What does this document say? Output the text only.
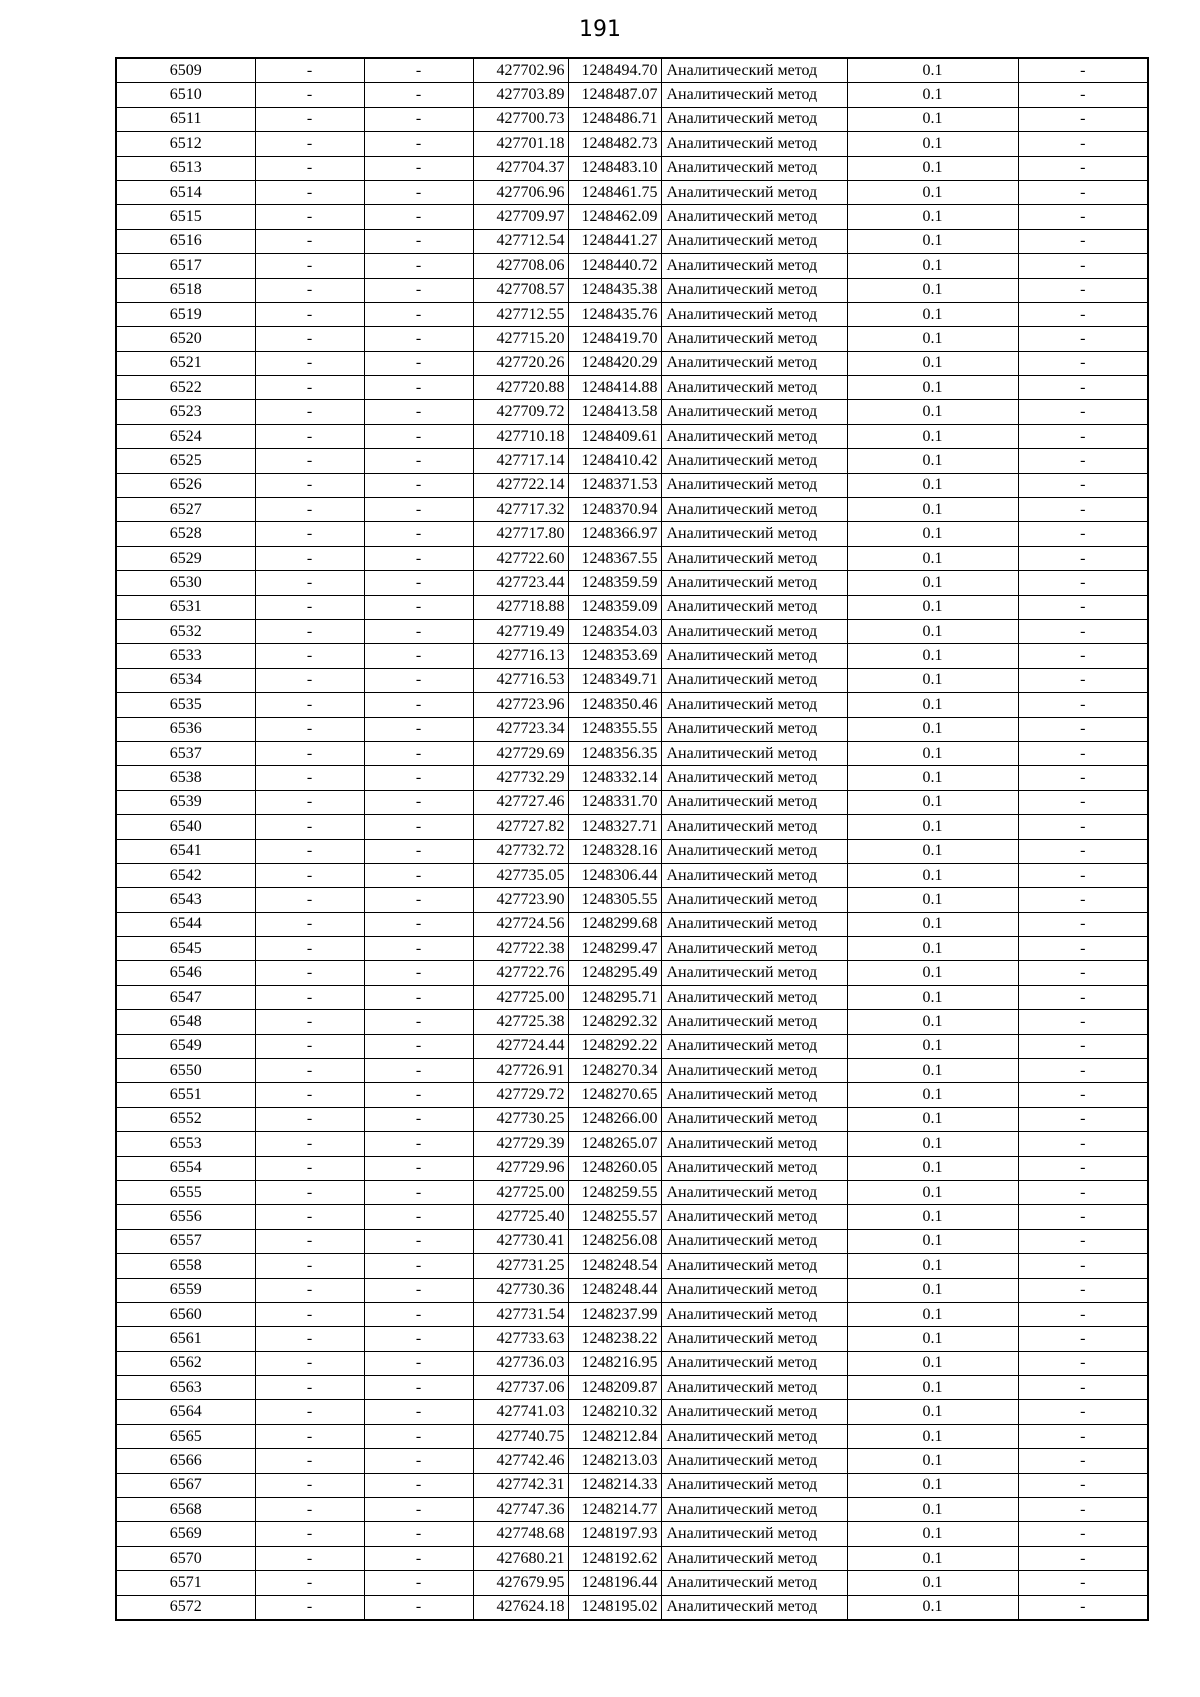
191
6509	-	-	427702.96	1248494.70	Аналитический метод	0.1	-
6510	-	-	427703.89	1248487.07	Аналитический метод	0.1	-
6511	-	-	427700.73	1248486.71	Аналитический метод	0.1	-
6512	-	-	427701.18	1248482.73	Аналитический метод	0.1	-
6513	-	-	427704.37	1248483.10	Аналитический метод	0.1	-
6514	-	-	427706.96	1248461.75	Аналитический метод	0.1	-
6515	-	-	427709.97	1248462.09	Аналитический метод	0.1	-
6516	-	-	427712.54	1248441.27	Аналитический метод	0.1	-
6517	-	-	427708.06	1248440.72	Аналитический метод	0.1	-
6518	-	-	427708.57	1248435.38	Аналитический метод	0.1	-
6519	-	-	427712.55	1248435.76	Аналитический метод	0.1	-
6520	-	-	427715.20	1248419.70	Аналитический метод	0.1	-
6521	-	-	427720.26	1248420.29	Аналитический метод	0.1	-
6522	-	-	427720.88	1248414.88	Аналитический метод	0.1	-
6523	-	-	427709.72	1248413.58	Аналитический метод	0.1	-
6524	-	-	427710.18	1248409.61	Аналитический метод	0.1	-
6525	-	-	427717.14	1248410.42	Аналитический метод	0.1	-
6526	-	-	427722.14	1248371.53	Аналитический метод	0.1	-
6527	-	-	427717.32	1248370.94	Аналитический метод	0.1	-
6528	-	-	427717.80	1248366.97	Аналитический метод	0.1	-
6529	-	-	427722.60	1248367.55	Аналитический метод	0.1	-
6530	-	-	427723.44	1248359.59	Аналитический метод	0.1	-
6531	-	-	427718.88	1248359.09	Аналитический метод	0.1	-
6532	-	-	427719.49	1248354.03	Аналитический метод	0.1	-
6533	-	-	427716.13	1248353.69	Аналитический метод	0.1	-
6534	-	-	427716.53	1248349.71	Аналитический метод	0.1	-
6535	-	-	427723.96	1248350.46	Аналитический метод	0.1	-
6536	-	-	427723.34	1248355.55	Аналитический метод	0.1	-
6537	-	-	427729.69	1248356.35	Аналитический метод	0.1	-
6538	-	-	427732.29	1248332.14	Аналитический метод	0.1	-
6539	-	-	427727.46	1248331.70	Аналитический метод	0.1	-
6540	-	-	427727.82	1248327.71	Аналитический метод	0.1	-
6541	-	-	427732.72	1248328.16	Аналитический метод	0.1	-
6542	-	-	427735.05	1248306.44	Аналитический метод	0.1	-
6543	-	-	427723.90	1248305.55	Аналитический метод	0.1	-
6544	-	-	427724.56	1248299.68	Аналитический метод	0.1	-
6545	-	-	427722.38	1248299.47	Аналитический метод	0.1	-
6546	-	-	427722.76	1248295.49	Аналитический метод	0.1	-
6547	-	-	427725.00	1248295.71	Аналитический метод	0.1	-
6548	-	-	427725.38	1248292.32	Аналитический метод	0.1	-
6549	-	-	427724.44	1248292.22	Аналитический метод	0.1	-
6550	-	-	427726.91	1248270.34	Аналитический метод	0.1	-
6551	-	-	427729.72	1248270.65	Аналитический метод	0.1	-
6552	-	-	427730.25	1248266.00	Аналитический метод	0.1	-
6553	-	-	427729.39	1248265.07	Аналитический метод	0.1	-
6554	-	-	427729.96	1248260.05	Аналитический метод	0.1	-
6555	-	-	427725.00	1248259.55	Аналитический метод	0.1	-
6556	-	-	427725.40	1248255.57	Аналитический метод	0.1	-
6557	-	-	427730.41	1248256.08	Аналитический метод	0.1	-
6558	-	-	427731.25	1248248.54	Аналитический метод	0.1	-
6559	-	-	427730.36	1248248.44	Аналитический метод	0.1	-
6560	-	-	427731.54	1248237.99	Аналитический метод	0.1	-
6561	-	-	427733.63	1248238.22	Аналитический метод	0.1	-
6562	-	-	427736.03	1248216.95	Аналитический метод	0.1	-
6563	-	-	427737.06	1248209.87	Аналитический метод	0.1	-
6564	-	-	427741.03	1248210.32	Аналитический метод	0.1	-
6565	-	-	427740.75	1248212.84	Аналитический метод	0.1	-
6566	-	-	427742.46	1248213.03	Аналитический метод	0.1	-
6567	-	-	427742.31	1248214.33	Аналитический метод	0.1	-
6568	-	-	427747.36	1248214.77	Аналитический метод	0.1	-
6569	-	-	427748.68	1248197.93	Аналитический метод	0.1	-
6570	-	-	427680.21	1248192.62	Аналитический метод	0.1	-
6571	-	-	427679.95	1248196.44	Аналитический метод	0.1	-
6572	-	-	427624.18	1248195.02	Аналитический метод	0.1	-
